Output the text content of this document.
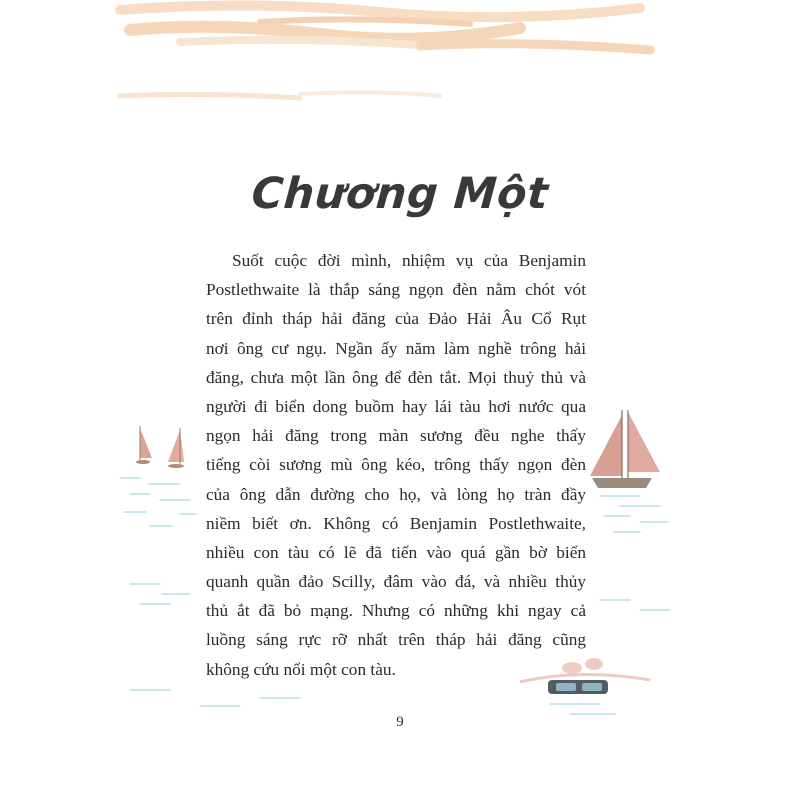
Chương Một
Suốt cuộc đời mình, nhiệm vụ của Benjamin
Postlethwaite là thắp sáng ngọn đèn nằm chót vót
trên đỉnh tháp hải đăng của Đảo Hải Âu Cổ Rụt
nơi ông cư ngụ. Ngần ấy năm làm nghề trông hải
đăng, chưa một lần ông để đèn tắt. Mọi thuỷ thủ và
người đi biển dong buồm hay lái tàu hơi nước qua
ngọn hải đăng trong màn sương đều nghe thấy
tiếng còi sương mù ông kéo, trông thấy ngọn đèn
của ông dẫn đường cho họ, và lòng họ tràn đầy
niềm biết ơn. Không có Benjamin Postlethwaite,
nhiều con tàu có lẽ đã tiến vào quá gần bờ biển
quanh quần đảo Scilly, đâm vào đá, và nhiều thủy
thủ ắt đã bỏ mạng. Nhưng có những khi ngay cả
luồng sáng rực rỡ nhất trên tháp hải đăng cũng
không cứu nổi một con tàu.
9
